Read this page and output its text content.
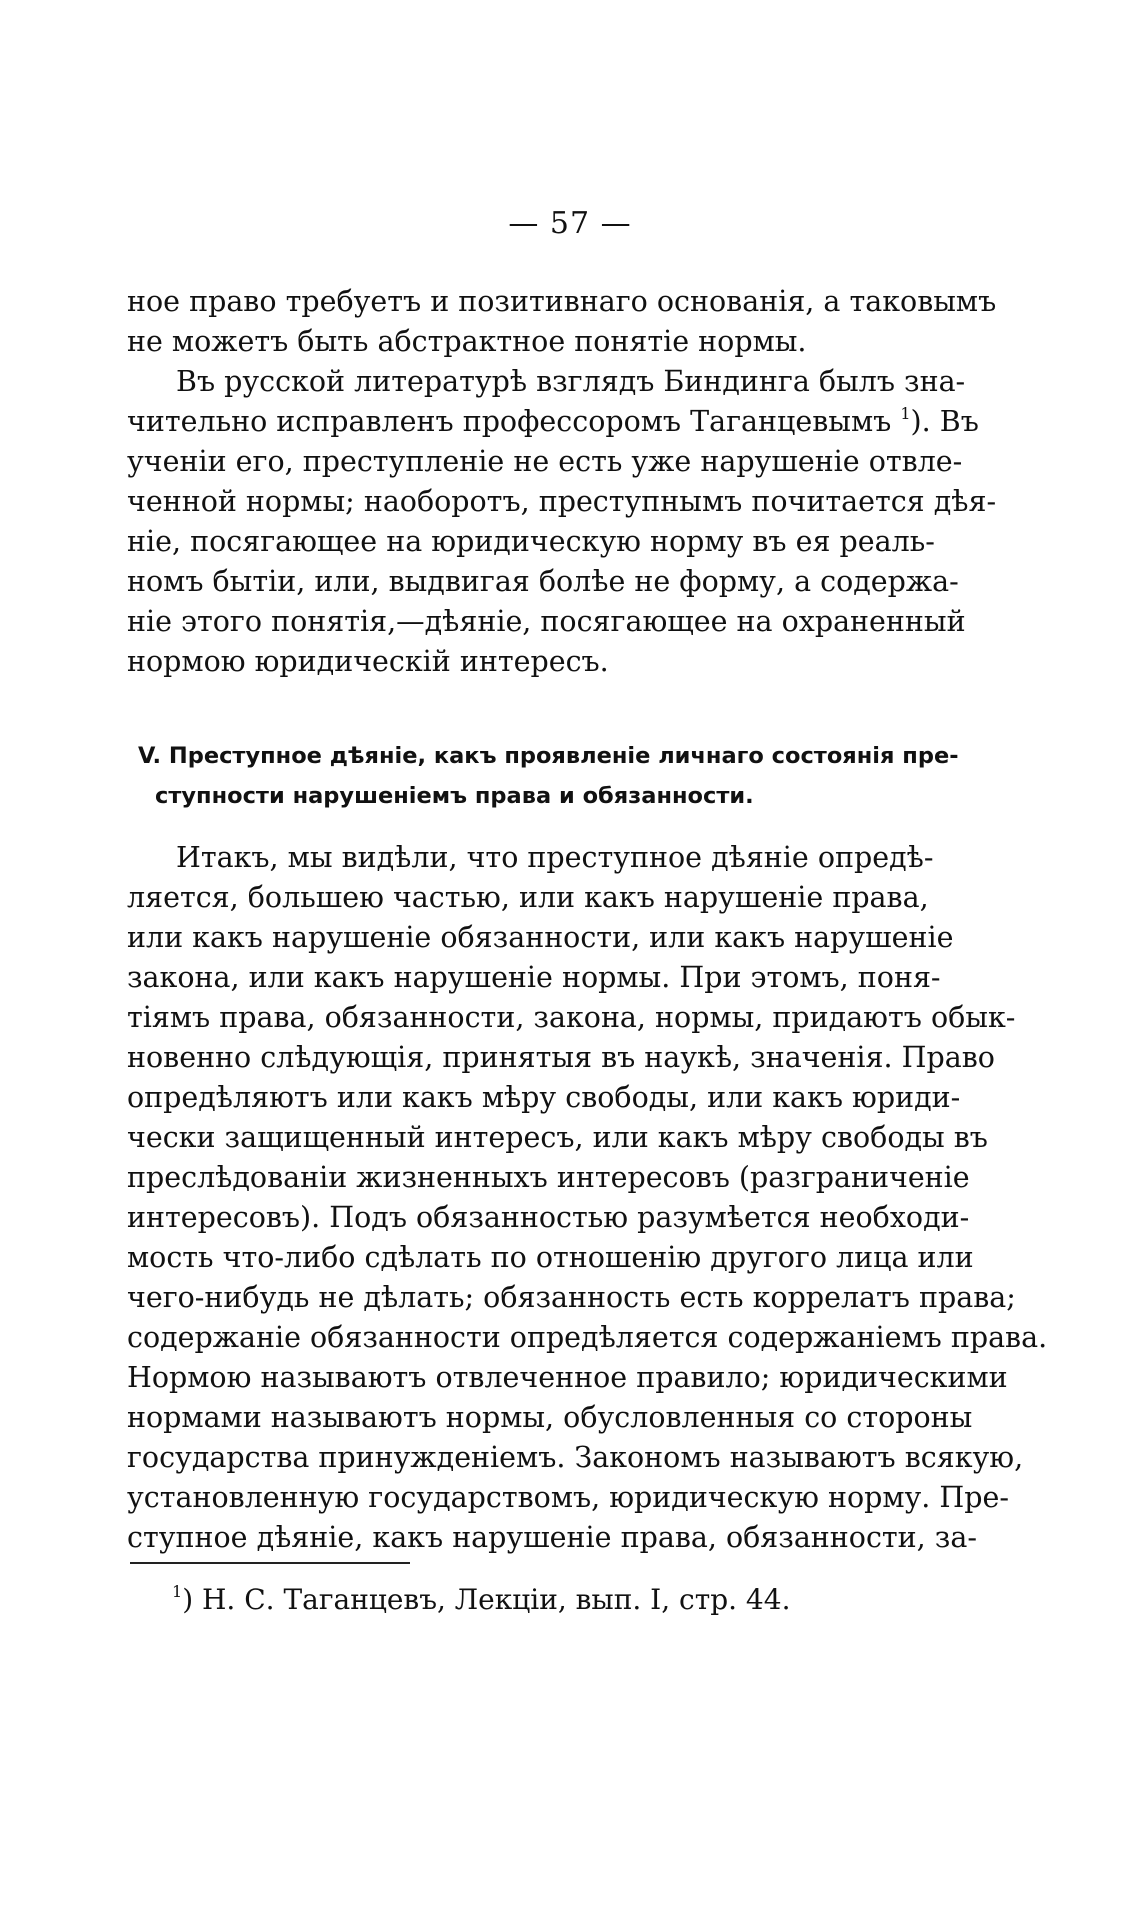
— 57 —
ное право требуетъ и позитивнаго основанія, а таковымъ
не можетъ быть абстрактное понятіе нормы.
Въ русской литературѣ взглядъ Биндинга былъ зна-
чительно исправленъ профессоромъ Таганцевымъ $^1$). Въ
ученіи его, преступленіе не есть уже нарушеніе отвле-
ченной нормы; наоборотъ, преступнымъ почитается дѣя-
ніе, посягающее на юридическую норму въ ея реаль-
номъ бытіи, или, выдвигая болѣе не форму, а содержа-
ніе этого понятія,—дѣяніе, посягающее на охраненный
нормою юридическій интересъ.
V. Преступное дѣяніе, какъ проявленіе личнаго состоянія пре-
ступности нарушеніемъ права и обязанности.
Итакъ, мы видѣли, что преступное дѣяніе опредѣ-
ляется, большею частью, или какъ нарушеніе права,
или какъ нарушеніе обязанности, или какъ нарушеніе
закона, или какъ нарушеніе нормы. При этомъ, поня-
тіямъ права, обязанности, закона, нормы, придаютъ обык-
новенно слѣдующія, принятыя въ наукѣ, значенія. Право
опредѣляютъ или какъ мѣру свободы, или какъ юриди-
чески защищенный интересъ, или какъ мѣру свободы въ
преслѣдованіи жизненныхъ интересовъ (разграниченіе
интересовъ). Подъ обязанностью разумѣется необходи-
мость что-либо сдѣлать по отношенію другого лица или
чего-нибудь не дѣлать; обязанность есть коррелатъ права;
содержаніе обязанности опредѣляется содержаніемъ права.
Нормою называютъ отвлеченное правило; юридическими
нормами называютъ нормы, обусловленныя со стороны
государства принужденіемъ. Закономъ называютъ всякую,
установленную государствомъ, юридическую норму. Пре-
ступное дѣяніе, какъ нарушеніе права, обязанности, за-
$^1$) Н. С. Таганцевъ, Лекціи, вып. I, стр. 44.
